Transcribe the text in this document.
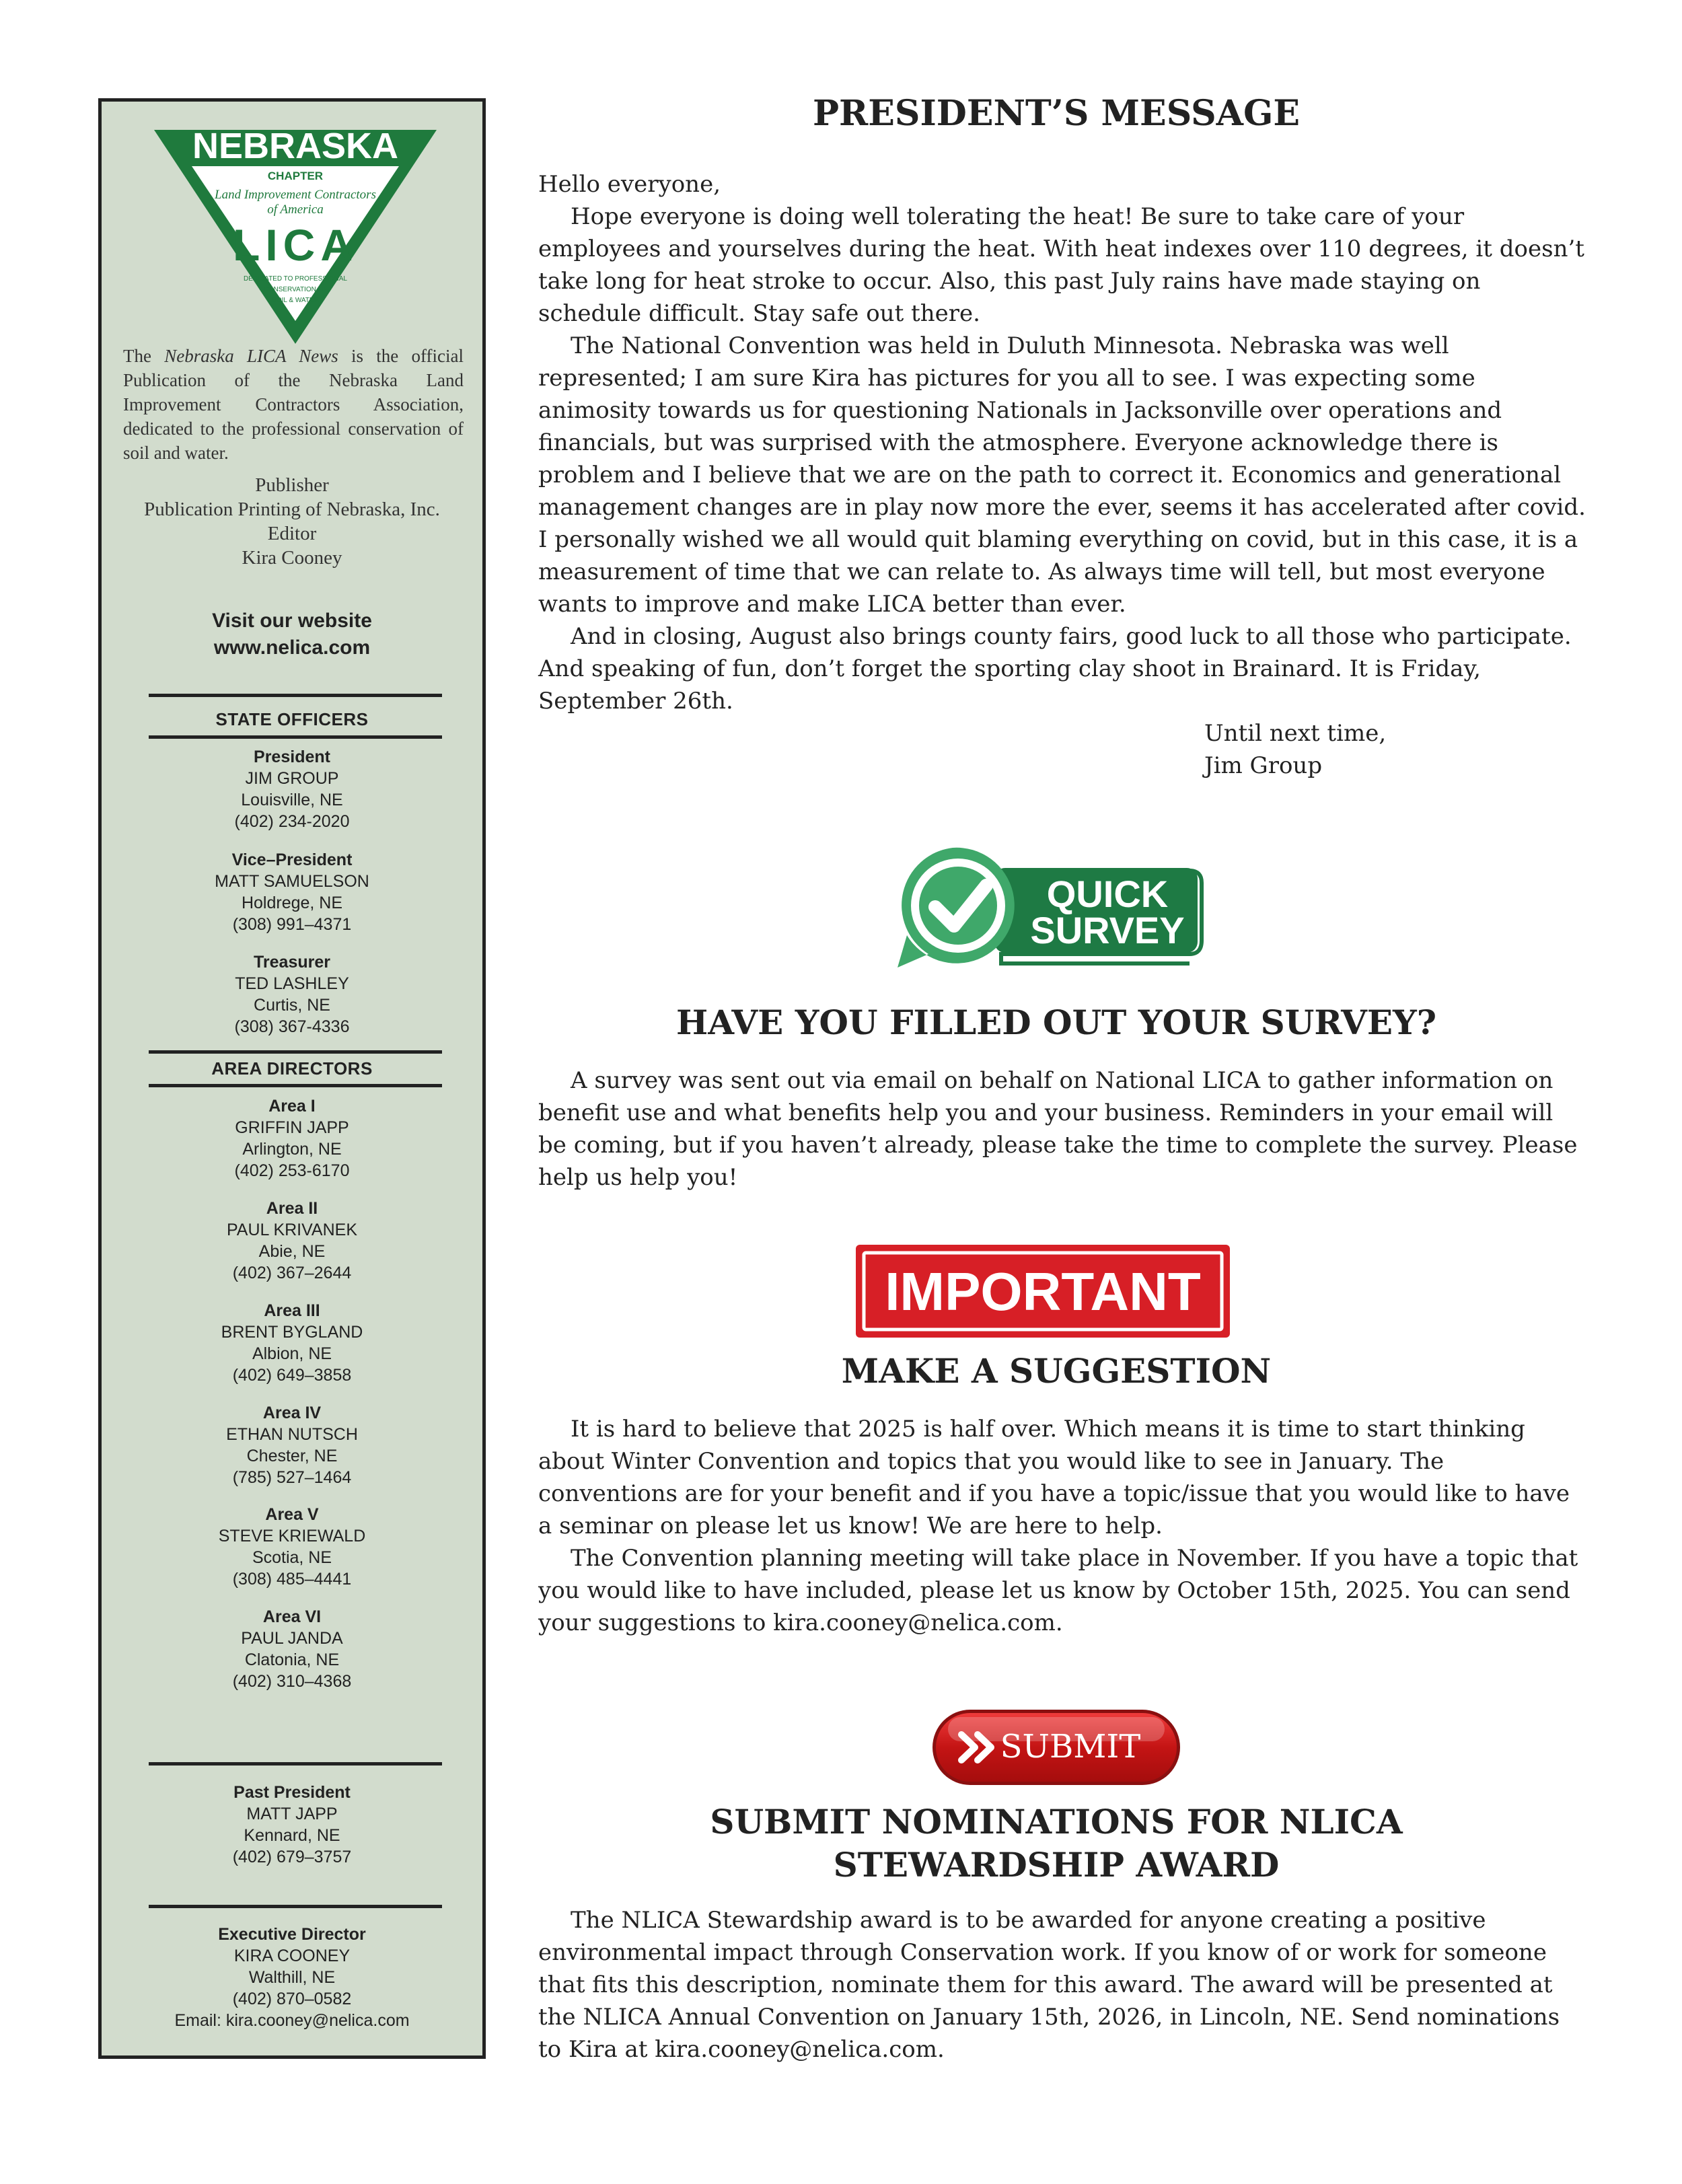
NEBRASKA
CHAPTER
Land Improvement Contractors
of America
LICA
DEDICATED TO PROFESSIONAL
CONSERVATION OF
SOIL & WATER
The Nebraska LICA News is the official Publication of the Nebraska Land Improvement Contractors Association, dedicated to the professional conservation of soil and water.
Publisher
Publication Printing of Nebraska, Inc.
Editor
Kira Cooney
Visit our website
www.nelica.com
STATE OFFICERS
President
JIM GROUP
Louisville, NE
(402) 234-2020
Vice–President
MATT SAMUELSON
Holdrege, NE
(308) 991–4371
Treasurer
TED LASHLEY
Curtis, NE
(308) 367-4336
AREA DIRECTORS
Area I
GRIFFIN JAPP
Arlington, NE
(402) 253-6170
Area II
PAUL KRIVANEK
Abie, NE
(402) 367–2644
Area III
BRENT BYGLAND
Albion, NE
(402) 649–3858
Area IV
ETHAN NUTSCH
Chester, NE
(785) 527–1464
Area V
STEVE KRIEWALD
Scotia, NE
(308) 485–4441
Area VI
PAUL JANDA
Clatonia, NE
(402) 310–4368
Past President
MATT JAPP
Kennard, NE
(402) 679–3757
Executive Director
KIRA COONEY
Walthill, NE
(402) 870–0582
Email: kira.cooney@nelica.com
PRESIDENT’S MESSAGE

Hello everyone,

Hope everyone is doing well tolerating the heat! Be sure to take care of your employees and yourselves during the heat. With heat indexes over 110 degrees, it doesn’t take long for heat stroke to occur. Also, this past July rains have made staying on schedule difficult. Stay safe out there.

The National Convention was held in Duluth Minnesota. Nebraska was well represented; I am sure Kira has pictures for you all to see. I was expecting some animosity towards us for questioning Nationals in Jacksonville over operations and financials, but was surprised with the atmosphere. Everyone acknowledge there is problem and I believe that we are on the path to correct it. Economics and generational management changes are in play now more the ever, seems it has accelerated after covid. I personally wished we all would quit blaming everything on covid, but in this case, it is a measurement of time that we can relate to. As always time will tell, but most everyone wants to improve and make LICA better than ever.

And in closing, August also brings county fairs, good luck to all those who participate. And speaking of fun, don’t forget the sporting clay shoot in Brainard. It is Friday, September 26th.

Until next time,

Jim Group

QUICK
SURVEY
HAVE YOU FILLED OUT YOUR SURVEY?

A survey was sent out via email on behalf on National LICA to gather information on benefit use and what benefits help you and your business. Reminders in your email will be coming, but if you haven’t already, please take the time to complete the survey. Please help us help you!

IMPORTANT
MAKE A SUGGESTION

It is hard to believe that 2025 is half over. Which means it is time to start thinking about Winter Convention and topics that you would like to see in January. The conventions are for your benefit and if you have a topic/issue that you would like to have a seminar on please let us know! We are here to help.

The Convention planning meeting will take place in November. If you have a topic that you would like to have included, please let us know by October 15th, 2025. You can send your suggestions to kira.cooney@nelica.com.

SUBMIT
SUBMIT NOMINATIONS FOR NLICA
STEWARDSHIP AWARD

The NLICA Stewardship award is to be awarded for anyone creating a positive environmental impact through Conservation work. If you know of or work for someone that fits this description, nominate them for this award. The award will be presented at the NLICA Annual Convention on January 15th, 2026, in Lincoln, NE. Send nominations to Kira at kira.cooney@nelica.com.
